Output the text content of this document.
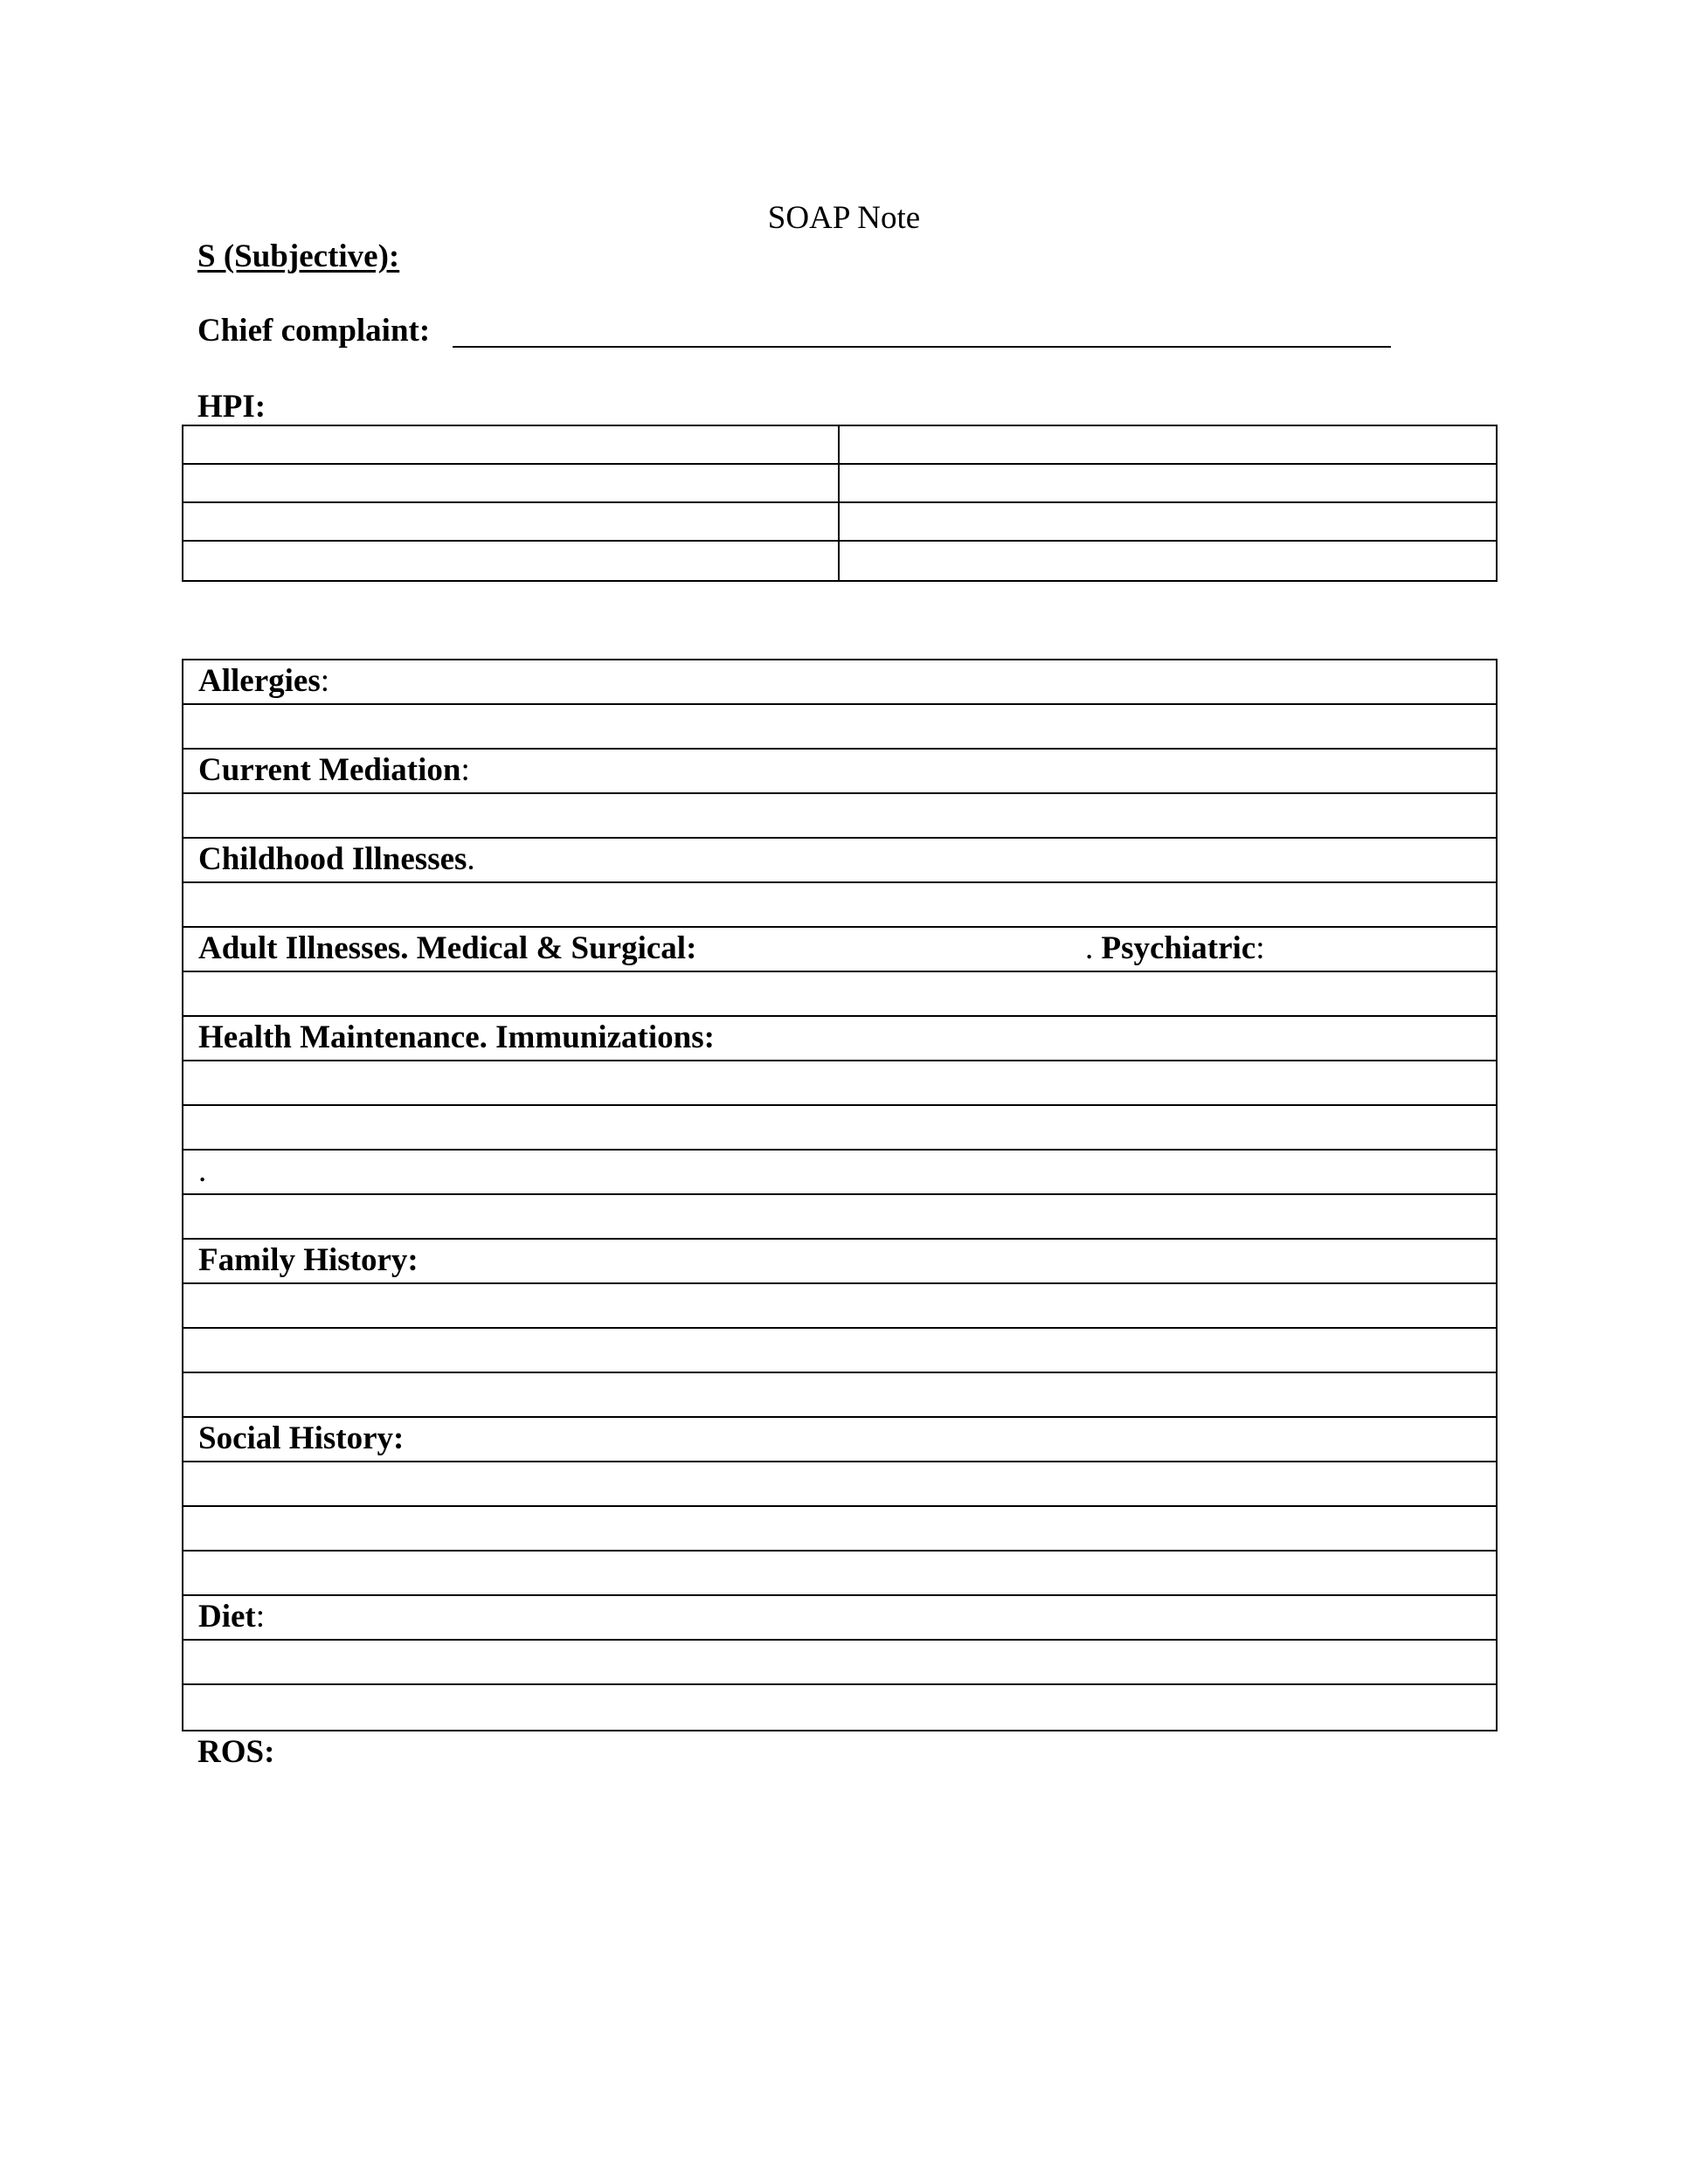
SOAP Note
S (Subjective):
Chief complaint:
HPI:
Allergies:
Current Mediation:
Childhood Illnesses.
Adult Illnesses. Medical & Surgical:	. Psychiatric:
Health Maintenance. Immunizations:
.
Family History:
Social History:
Diet:
ROS:
